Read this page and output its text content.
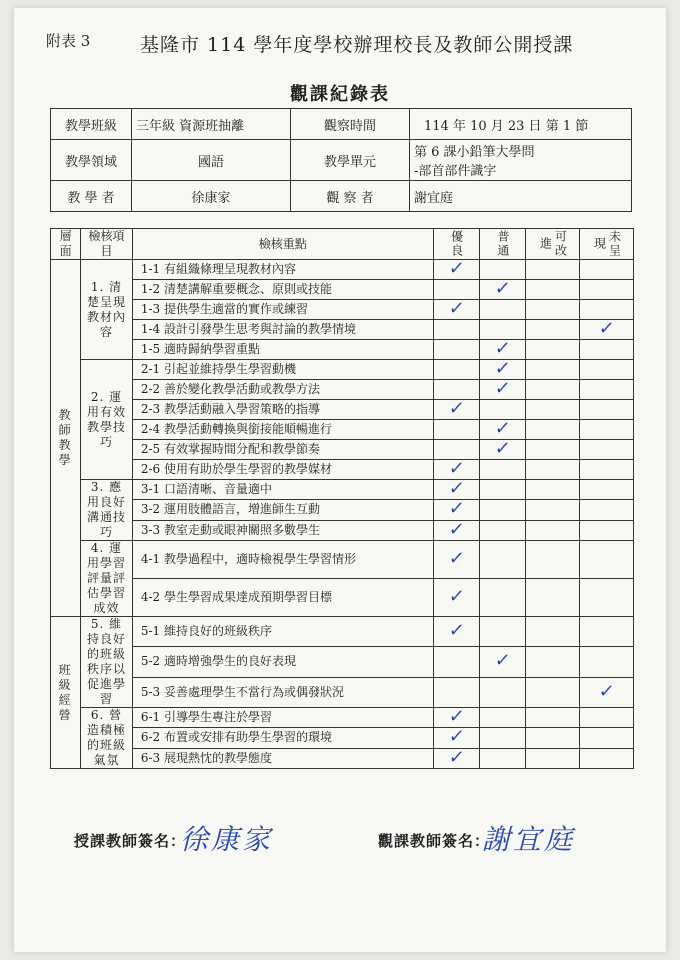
附表 3	基隆市 114 學年度學校辦理校長及教師公開授課
觀課紀錄表
教學班級	三年級 資源班抽離	觀察時間	114 年 10 月 23 日 第 1 節
教學領域	國語	教學單元	第 6 課小鉛筆大學問
-部首部件識字

教 學 者	徐康家	觀 察 者	謝宜庭
層面	檢核項目	檢核重點	優良	普通	可改進	未呈現

教師教學	1. 清楚呈現教材內容	1-1 有組織條理呈現教材內容	✓			
		1-2 清楚講解重要概念、原則或技能		✓		
		1-3 提供學生適當的實作或練習	✓			
		1-4 設計引發學生思考與討論的教學情境				✓
		1-5 適時歸納學習重點		✓		
	2. 運用有效教學技巧	2-1 引起並維持學生學習動機		✓		
		2-2 善於變化教學活動或教學方法		✓		
		2-3 教學活動融入學習策略的指導	✓			
		2-4 教學活動轉換與銜接能順暢進行		✓		
		2-5 有效掌握時間分配和教學節奏		✓		
		2-6 使用有助於學生學習的教學媒材	✓			
	3. 應用良好溝通技巧	3-1 口語清晰、音量適中	✓			
		3-2 運用肢體語言，增進師生互動	✓			
		3-3 教室走動或眼神關照多數學生	✓			
	4. 運用學習評量評估學習成效	4-1 教學過程中，適時檢視學生學習情形	✓			
		4-2 學生學習成果達成預期學習目標	✓			
班級經營	5. 維持良好的班級秩序以促進學習	5-1 維持良好的班級秩序	✓			
		5-2 適時增強學生的良好表現		✓		
		5-3 妥善處理學生不當行為或偶發狀況				✓
	6. 營造積極的班級氣氛	6-1 引導學生專注於學習	✓			
		6-2 布置或安排有助學生學習的環境	✓			
		6-3 展現熱忱的教學態度	✓			
授課教師簽名：
徐康家	觀課教師簽名：
謝宜庭
